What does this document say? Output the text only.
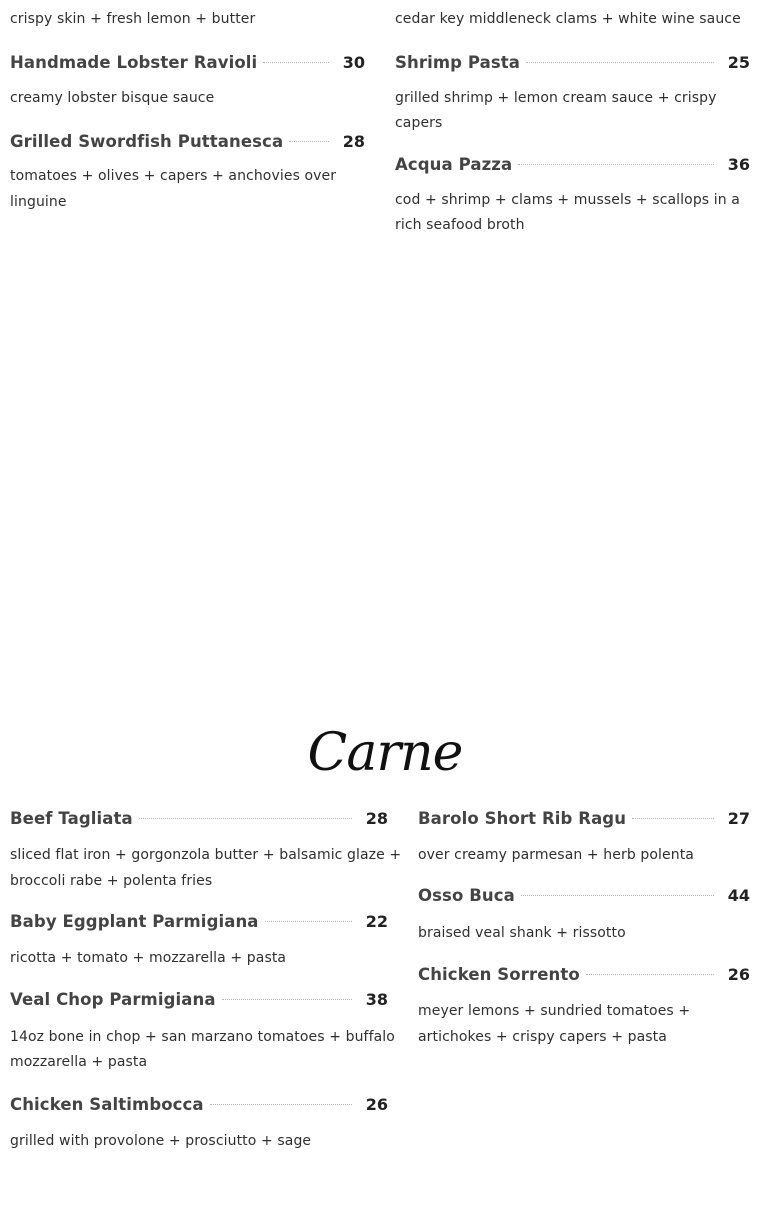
crispy skin + fresh lemon + butter
Handmade Lobster Ravioli	30
creamy lobster bisque sauce
Grilled Swordfish Puttanesca	28
tomatoes + olives + capers + anchovies over linguine
cedar key middleneck clams + white wine sauce
Shrimp Pasta	25
grilled shrimp + lemon cream sauce + crispy capers
Acqua Pazza	36
cod + shrimp + clams + mussels + scallops in a rich seafood broth
Carne
Beef Tagliata	28
sliced flat iron + gorgonzola butter + balsamic glaze + broccoli rabe + polenta fries
Baby Eggplant Parmigiana	22
ricotta + tomato + mozzarella + pasta
Veal Chop Parmigiana	38
14oz bone in chop + san marzano tomatoes + buffalo mozzarella + pasta
Chicken Saltimbocca	26
grilled with provolone + prosciutto + sage
Barolo Short Rib Ragu	27
over creamy parmesan + herb polenta
Osso Buca	44
braised veal shank + rissotto
Chicken Sorrento	26
meyer lemons + sundried tomatoes + artichokes + crispy capers + pasta
